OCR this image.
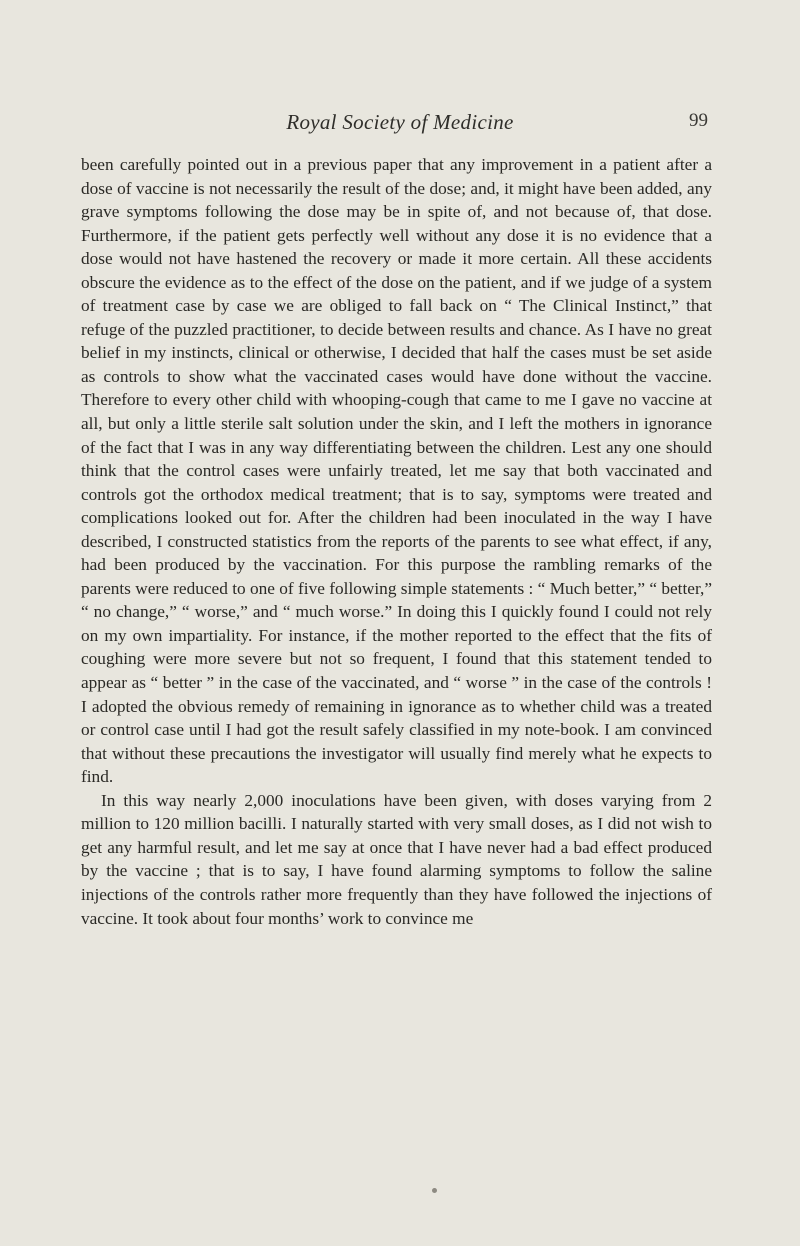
Royal Society of Medicine	99

been carefully pointed out in a previous paper that any improvement in a patient after a dose of vaccine is not necessarily the result of the dose; and, it might have been added, any grave symptoms following the dose may be in spite of, and not because of, that dose. Furthermore, if the patient gets perfectly well without any dose it is no evidence that a dose would not have hastened the recovery or made it more certain. All these accidents obscure the evidence as to the effect of the dose on the patient, and if we judge of a system of treatment case by case we are obliged to fall back on “ The Clinical Instinct,” that refuge of the puzzled practitioner, to decide between results and chance. As I have no great belief in my instincts, clinical or otherwise, I decided that half the cases must be set aside as controls to show what the vaccinated cases would have done without the vaccine. Therefore to every other child with whooping-cough that came to me I gave no vaccine at all, but only a little sterile salt solution under the skin, and I left the mothers in ignorance of the fact that I was in any way differentiating between the children. Lest any one should think that the control cases were unfairly treated, let me say that both vaccinated and controls got the orthodox medical treatment; that is to say, symptoms were treated and complications looked out for. After the children had been inoculated in the way I have described, I constructed statistics from the reports of the parents to see what effect, if any, had been produced by the vaccination. For this purpose the rambling remarks of the parents were reduced to one of five following simple statements : “ Much better,” “ better,” “ no change,” “ worse,” and “ much worse.” In doing this I quickly found I could not rely on my own impartiality. For instance, if the mother reported to the effect that the fits of coughing were more severe but not so frequent, I found that this statement tended to appear as “ better ” in the case of the vaccinated, and “ worse ” in the case of the controls ! I adopted the obvious remedy of remaining in ignorance as to whether child was a treated or control case until I had got the result safely classified in my note-book. I am convinced that without these precautions the investigator will usually find merely what he expects to find.

In this way nearly 2,000 inoculations have been given, with doses varying from 2 million to 120 million bacilli. I naturally started with very small doses, as I did not wish to get any harmful result, and let me say at once that I have never had a bad effect produced by the vaccine ; that is to say, I have found alarming symptoms to follow the saline injections of the controls rather more frequently than they have followed the injections of vaccine. It took about four months’ work to convince me
